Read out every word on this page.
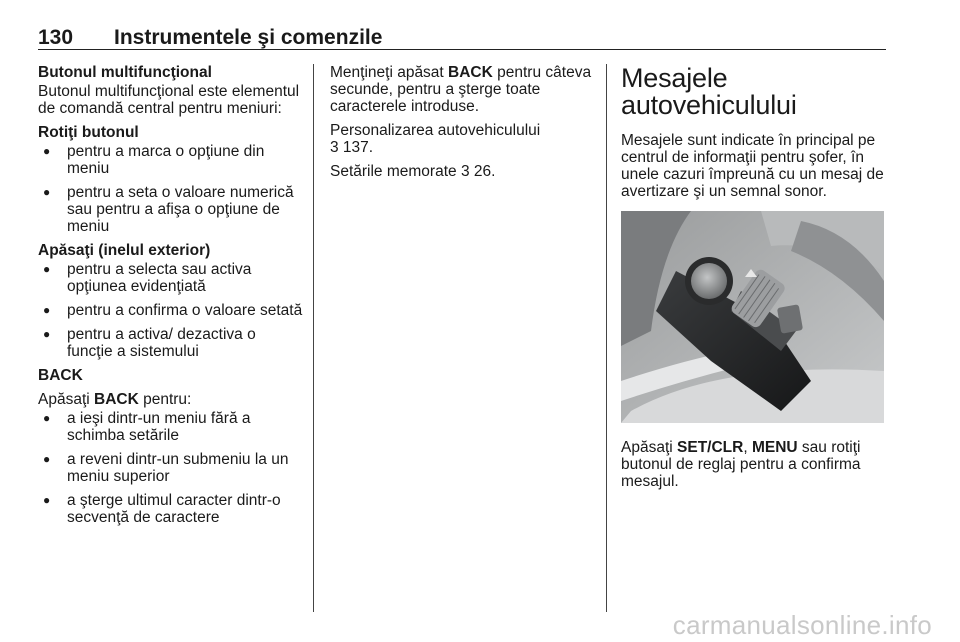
130 Instrumentele şi comenzile
Butonul multifuncţional
Butonul multifuncţional este elementul de comandă central pentru meniuri:
Rotiţi butonul
● pentru a marca o opţiune din meniu
● pentru a seta o valoare numerică sau pentru a afişa o opţiune de meniu
Apăsaţi (inelul exterior)
● pentru a selecta sau activa opţiunea evidenţiată
● pentru a confirma o valoare setată
● pentru a activa/ dezactiva o funcţie a sistemului
BACK
Apăsaţi BACK pentru:
● a ieşi dintr-un meniu fără a schimba setările
● a reveni dintr-un submeniu la un meniu superior
● a şterge ultimul caracter dintr-o secvenţă de caractere
Menţineţi apăsat BACK pentru câteva secunde, pentru a şterge toate caracterele introduse.
Personalizarea autovehiculului
3 137.
Setările memorate 3 26.
Mesajele autovehiculului
Mesajele sunt indicate în principal pe centrul de informaţii pentru şofer, în unele cazuri împreună cu un mesaj de avertizare şi un semnal sonor.
Apăsaţi SET/CLR, MENU sau rotiţi butonul de reglaj pentru a confirma mesajul.
carmanualsonline.info
